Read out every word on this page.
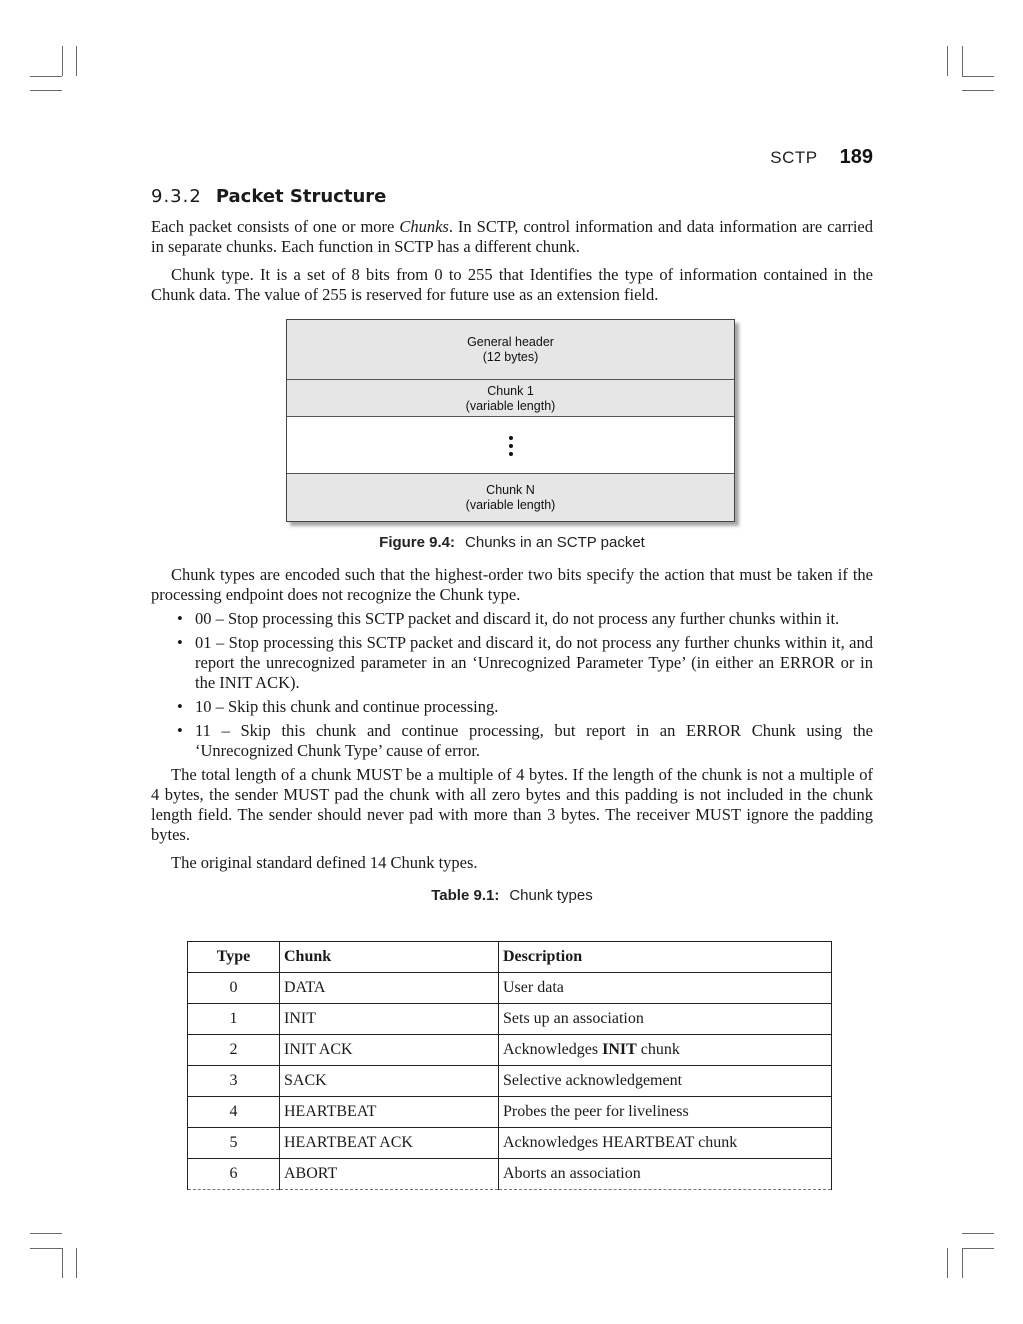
SCTP 189
9.3.2 Packet Structure

Each packet consists of one or more Chunks. In SCTP, control information and data information are carried in separate chunks. Each function in SCTP has a different chunk.

Chunk type. It is a set of 8 bits from 0 to 255 that Identifies the type of information contained in the Chunk data. The value of 255 is reserved for future use as an extension field.

General header
(12 bytes)
Chunk 1
(variable length)
Chunk N
(variable length)
Figure 9.4: Chunks in an SCTP packet

Chunk types are encoded such that the highest-order two bits specify the action that must be taken if the processing endpoint does not recognize the Chunk type.

• 00 – Stop processing this SCTP packet and discard it, do not process any further chunks within it.
• 01 – Stop processing this SCTP packet and discard it, do not process any further chunks within it, and report the unrecognized parameter in an ‘Unrecognized Parameter Type’ (in either an ERROR or in the INIT ACK).
• 10 – Skip this chunk and continue processing.
• 11 – Skip this chunk and continue processing, but report in an ERROR Chunk using the ‘Unrecognized Chunk Type’ cause of error.

The total length of a chunk MUST be a multiple of 4 bytes. If the length of the chunk is not a multiple of 4 bytes, the sender MUST pad the chunk with all zero bytes and this padding is not included in the chunk length field. The sender should never pad with more than 3 bytes. The receiver MUST ignore the padding bytes.

The original standard defined 14 Chunk types.

Table 9.1: Chunk types
Type	Chunk	Description
0	DATA	User data
1	INIT	Sets up an association
2	INIT ACK	Acknowledges INIT chunk
3	SACK	Selective acknowledgement
4	HEARTBEAT	Probes the peer for liveliness
5	HEARTBEAT ACK	Acknowledges HEARTBEAT chunk
6	ABORT	Aborts an association
